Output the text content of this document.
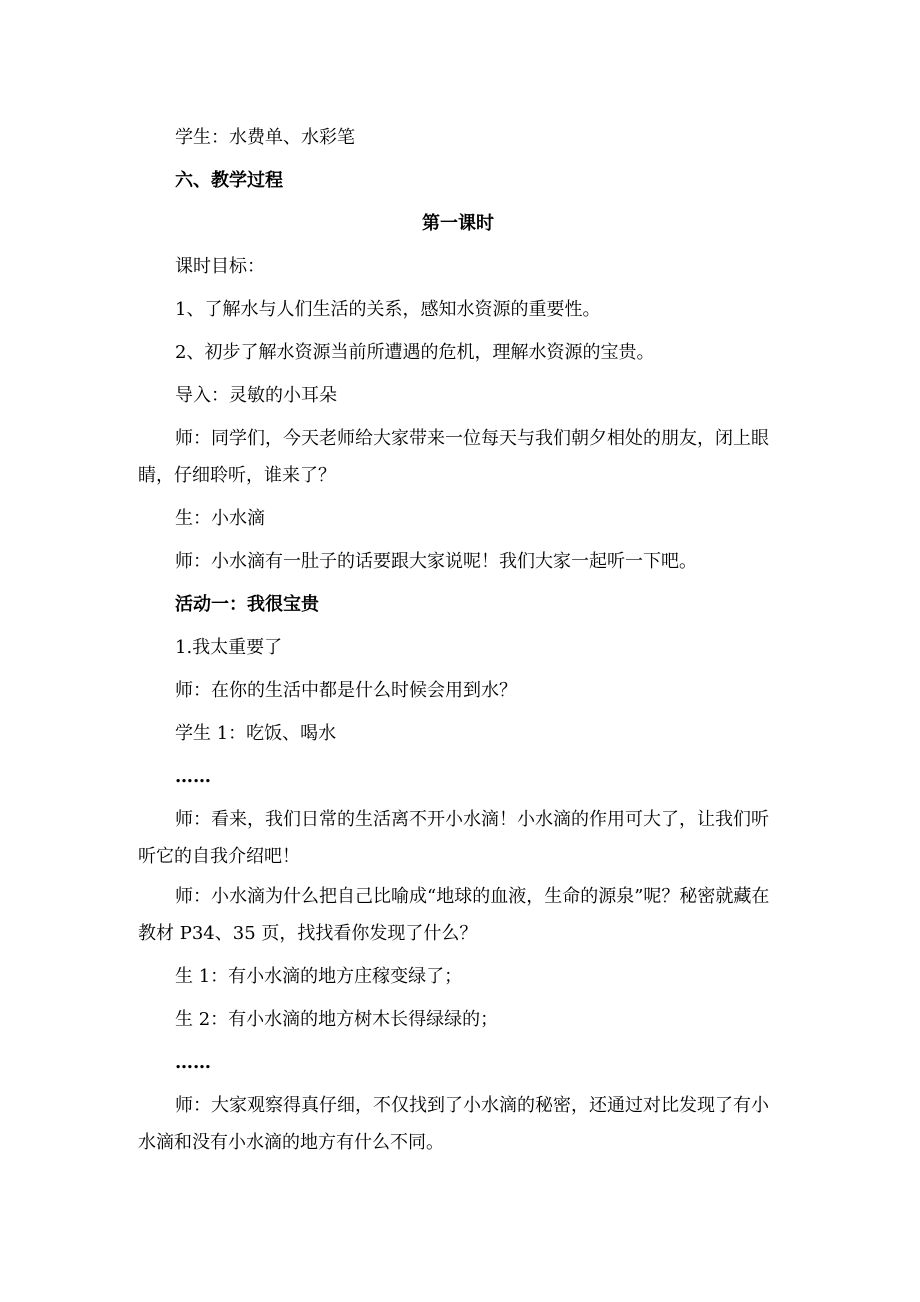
学生：水费单、水彩笔

六、教学过程

第一课时

课时目标：

1、了解水与人们生活的关系，感知水资源的重要性。

2、初步了解水资源当前所遭遇的危机，理解水资源的宝贵。

导入：灵敏的小耳朵

师：同学们，今天老师给大家带来一位每天与我们朝夕相处的朋友，闭上眼睛，仔细聆听，谁来了？

生：小水滴

师：小水滴有一肚子的话要跟大家说呢！我们大家一起听一下吧。

活动一：我很宝贵

1.我太重要了

师：在你的生活中都是什么时候会用到水？

学生 1：吃饭、喝水

……

师：看来，我们日常的生活离不开小水滴！小水滴的作用可大了，让我们听听它的自我介绍吧！

师：小水滴为什么把自己比喻成“地球的血液，生命的源泉”呢？秘密就藏在教材 P34、35 页，找找看你发现了什么？

生 1：有小水滴的地方庄稼变绿了；

生 2：有小水滴的地方树木长得绿绿的；

……

师：大家观察得真仔细，不仅找到了小水滴的秘密，还通过对比发现了有小水滴和没有小水滴的地方有什么不同。
